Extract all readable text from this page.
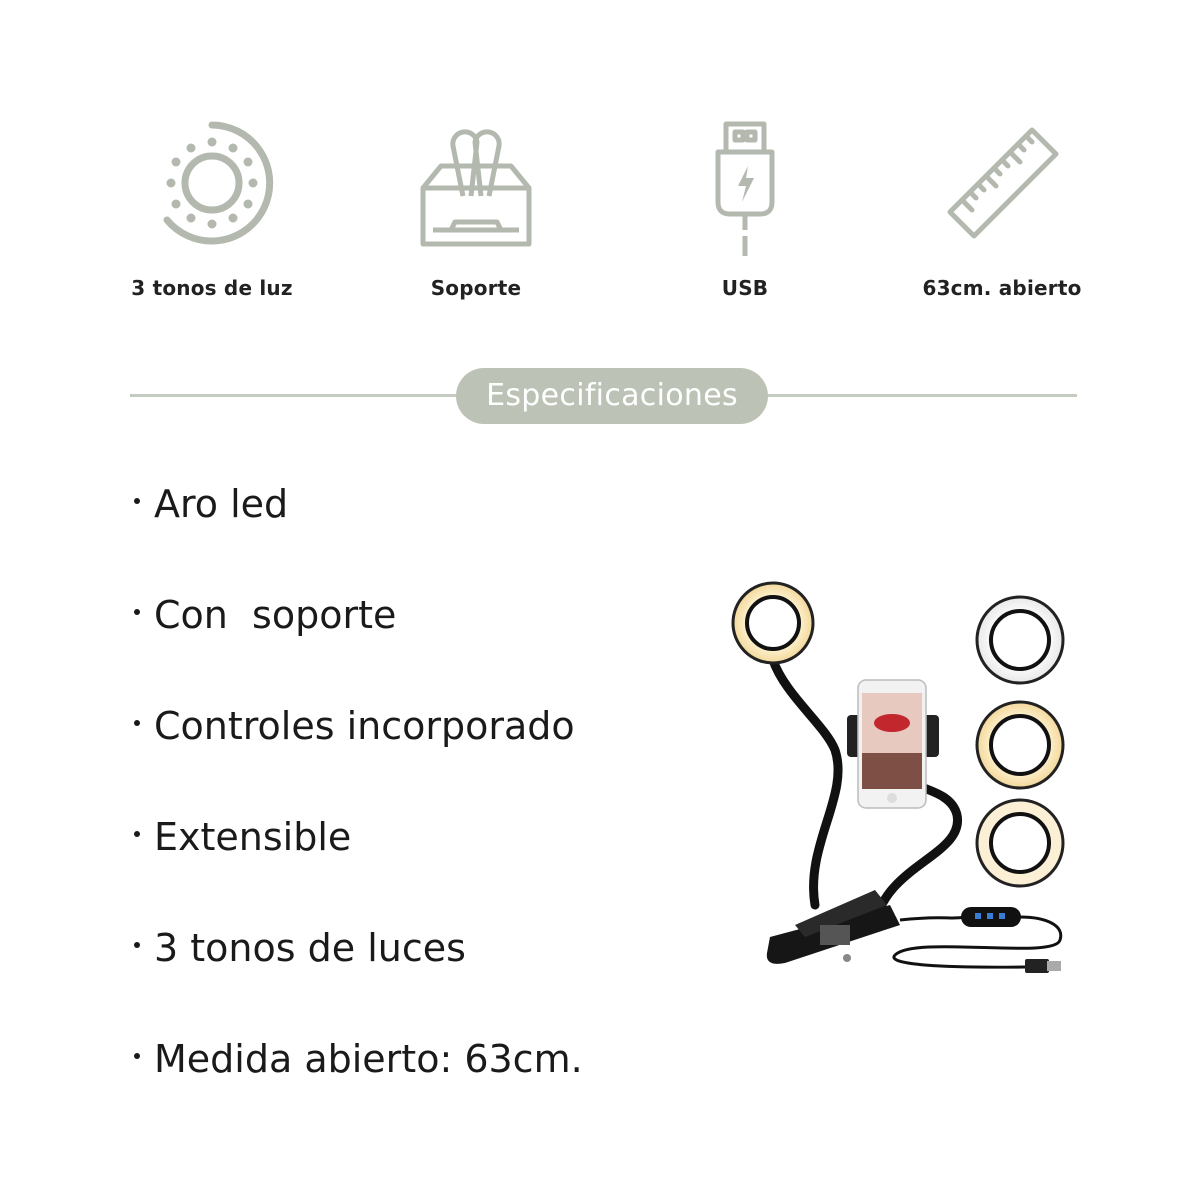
3 tonos de luz	Soporte	USB	63cm. abierto
Especificaciones
Aro led
Con  soporte
Controles incorporado
Extensible
3 tonos de luces
Medida abierto: 63cm.
